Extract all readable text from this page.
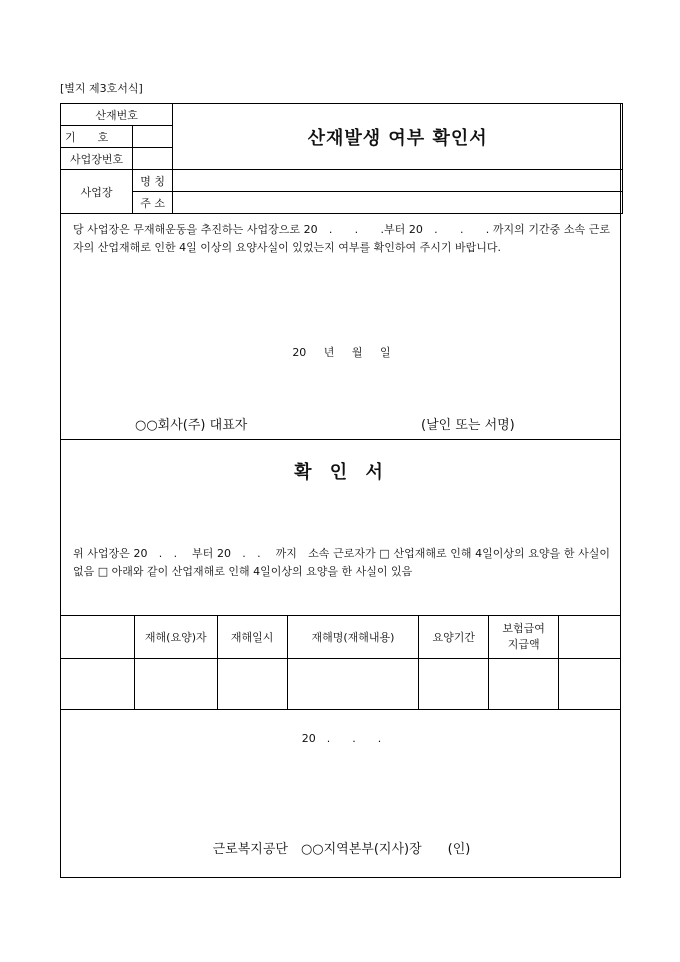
[별지 제3호서식]
산재번호		산재발생 여부 확인서
기　　호		
사업장번호		
사업장	명 칭	
	주 소	
당 사업장은 무재해운동을 추진하는 사업장으로 20　.　　.　　.부터 20　.　　.　　. 까지의 기간중 소속 근로자의 산업재해로 인한 4일 이상의 요양사실이 있었는지 여부를 확인하여 주시기 바랍니다.
20 년 월 일
○○회사(주) 대표자	(날인 또는 서명)
확 인 서
위 사업장은 20　.　.　 부터 20　.　.　 까지　소속 근로자가 □ 산업재해로 인해 4일이상의 요양을 한 사실이 없음 □ 아래와 같이 산업재해로 인해 4일이상의 요양을 한 사실이 있음
	재해(요양)자	재해일시	재해명(재해내용)	요양기간	보험급여
지급액	

20　.　　.　　.
근로복지공단　○○지역본부(지사)장　　(인)
